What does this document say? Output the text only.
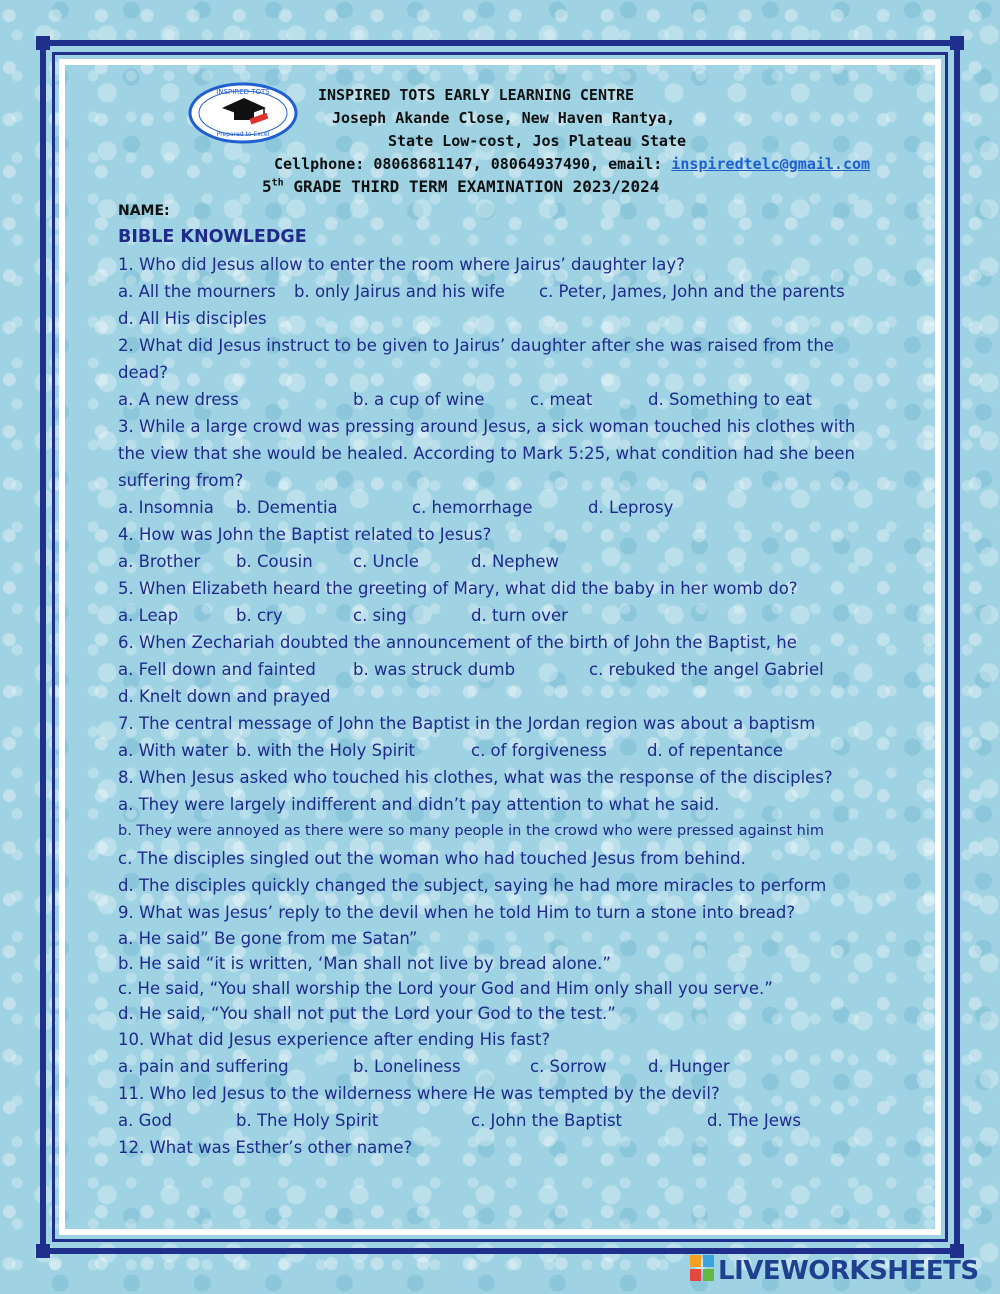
INSPIRED TOTS
Prepared to Excel
INSPIRED TOTS EARLY LEARNING CENTRE
Joseph Akande Close, New Haven Rantya,
State Low-cost, Jos Plateau State
Cellphone: 08068681147, 08064937490, email: inspiredtelc@gmail.com
5th GRADE THIRD TERM EXAMINATION 2023/2024
NAME:
BIBLE KNOWLEDGE
1. Who did Jesus allow to enter the room where Jairus’ daughter lay?
a. All the mourners b. only Jairus and his wife c. Peter, James, John and the parents
d. All His disciples
2. What did Jesus instruct to be given to Jairus’ daughter after she was raised from the
dead?
a. A new dress	b. a cup of wine	c. meat	d. Something to eat
3. While a large crowd was pressing around Jesus, a sick woman touched his clothes with
the view that she would be healed. According to Mark 5:25, what condition had she been
suffering from?
a. Insomnia b. Dementia	c. hemorrhage	d. Leprosy
4. How was John the Baptist related to Jesus?
a. Brother b. Cousin c. Uncle	d. Nephew
5. When Elizabeth heard the greeting of Mary, what did the baby in her womb do?
a. Leap	b. cry	c. sing	d. turn over
6. When Zechariah doubted the announcement of the birth of John the Baptist, he
a. Fell down and fainted b. was struck dumb	c. rebuked the angel Gabriel
d. Knelt down and prayed
7. The central message of John the Baptist in the Jordan region was about a baptism
a. With water b. with the Holy Spirit	c. of forgiveness d. of repentance
8. When Jesus asked who touched his clothes, what was the response of the disciples?
a. They were largely indifferent and didn’t pay attention to what he said.
b. They were annoyed as there were so many people in the crowd who were pressed against him
c. The disciples singled out the woman who had touched Jesus from behind.
d. The disciples quickly changed the subject, saying he had more miracles to perform
9. What was Jesus’ reply to the devil when he told Him to turn a stone into bread?
a. He said” Be gone from me Satan”
b. He said “it is written, ‘Man shall not live by bread alone.”
c. He said, “You shall worship the Lord your God and Him only shall you serve.”
d. He said, “You shall not put the Lord your God to the test.”
10. What did Jesus experience after ending His fast?
a. pain and suffering	b. Loneliness	c. Sorrow	d. Hunger
11. Who led Jesus to the wilderness where He was tempted by the devil?
a. God	b. The Holy Spirit	c. John the Baptist	d. The Jews
12. What was Esther’s other name?
LIVEWORKSHEETS
